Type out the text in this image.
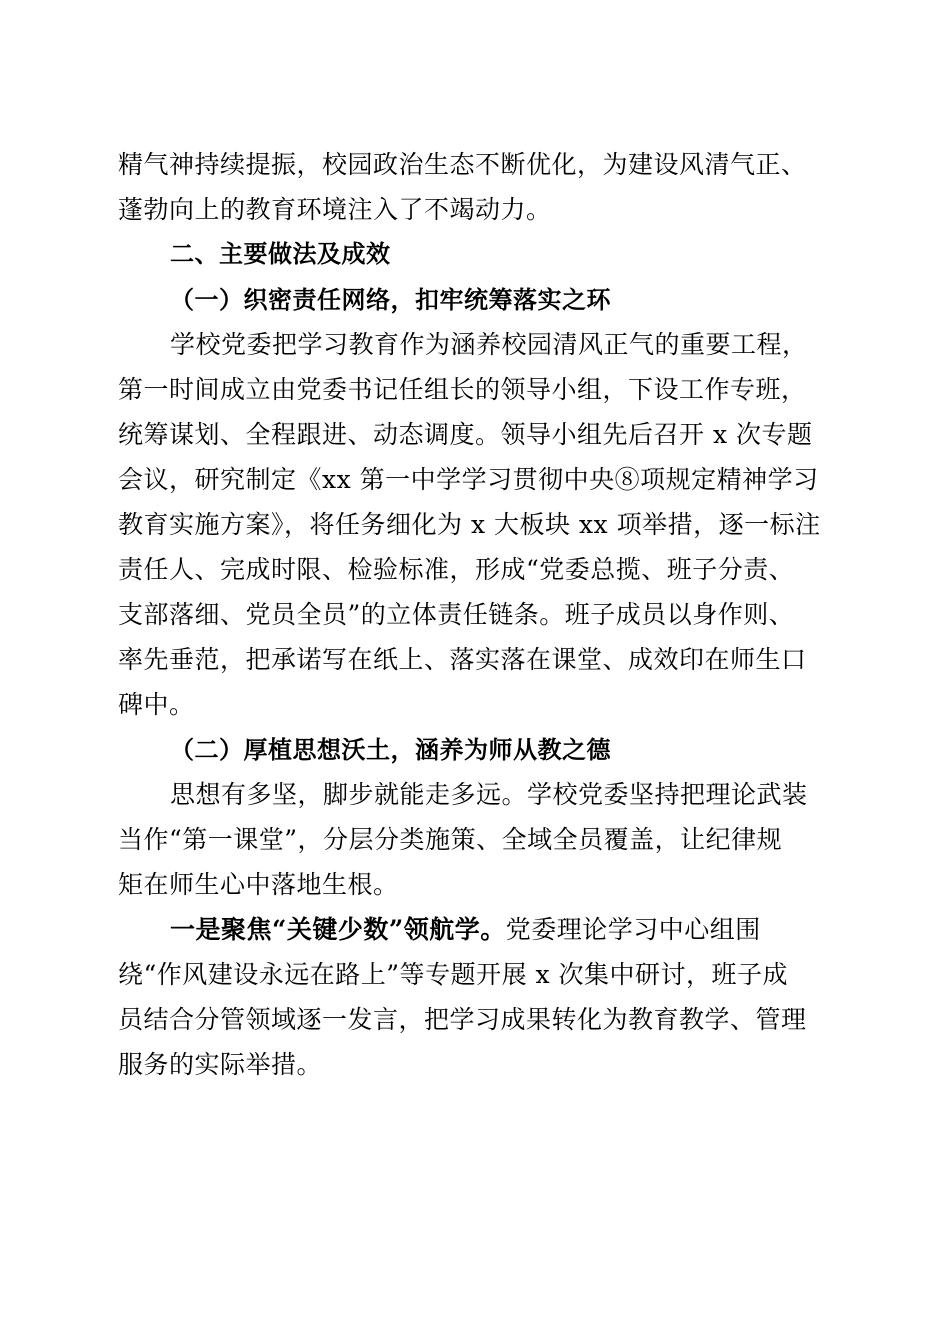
精气神持续提振，校园政治生态不断优化，为建设风清气正、
蓬勃向上的教育环境注入了不竭动力。
二、主要做法及成效
（一）织密责任网络，扣牢统筹落实之环
学校党委把学习教育作为涵养校园清风正气的重要工程，
第一时间成立由党委书记任组长的领导小组，下设工作专班，
统筹谋划、全程跟进、动态调度。领导小组先后召开 x 次专题
会议，研究制定《xx 第一中学学习贯彻中央⑧项规定精神学习
教育实施方案》，将任务细化为 x 大板块 xx 项举措，逐一标注
责任人、完成时限、检验标准，形成“党委总揽、班子分责、
支部落细、党员全员”的立体责任链条。班子成员以身作则、
率先垂范，把承诺写在纸上、落实落在课堂、成效印在师生口
碑中。
（二）厚植思想沃土，涵养为师从教之德
思想有多坚，脚步就能走多远。学校党委坚持把理论武装
当作“第一课堂”，分层分类施策、全域全员覆盖，让纪律规
矩在师生心中落地生根。
一是聚焦“关键少数”领航学。党委理论学习中心组围
绕“作风建设永远在路上”等专题开展 x 次集中研讨，班子成
员结合分管领域逐一发言，把学习成果转化为教育教学、管理
服务的实际举措。
